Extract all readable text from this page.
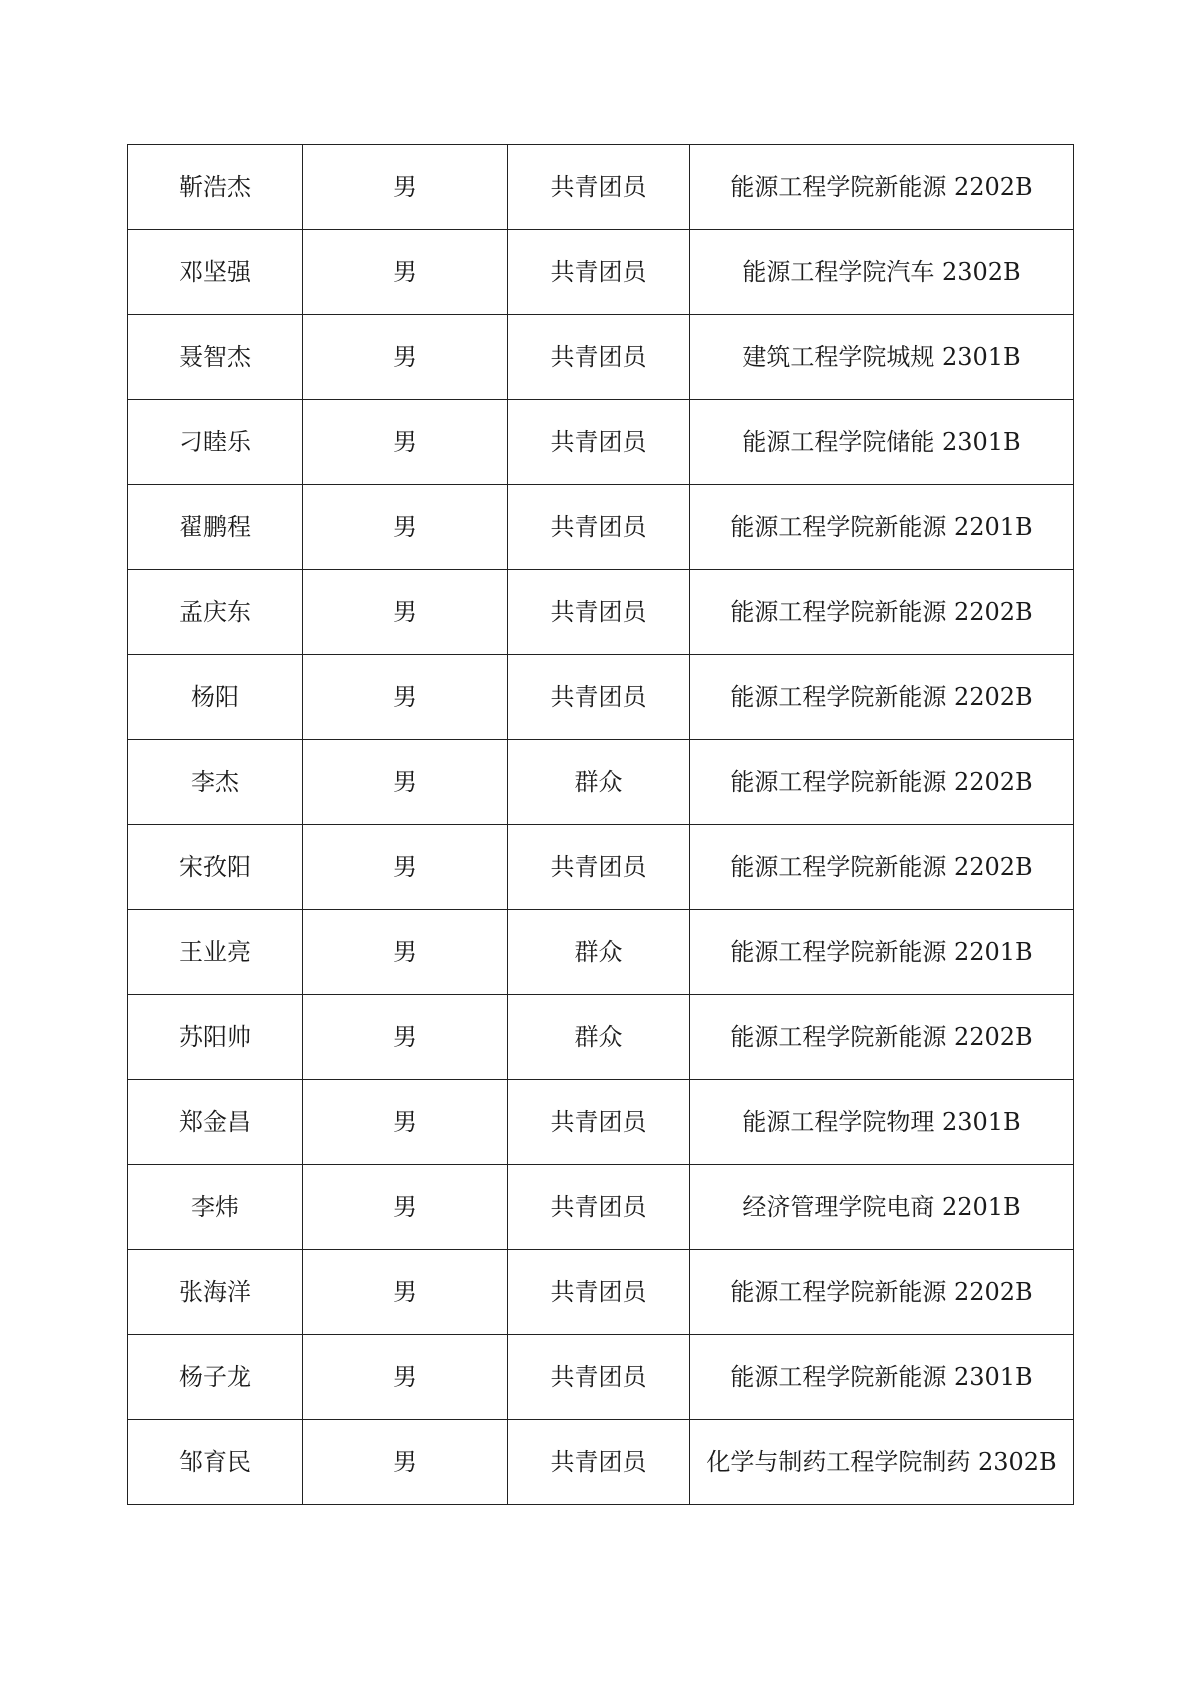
靳浩杰	男	共青团员	能源工程学院新能源 2202B
邓坚强	男	共青团员	能源工程学院汽车 2302B
聂智杰	男	共青团员	建筑工程学院城规 2301B
刁睦乐	男	共青团员	能源工程学院储能 2301B
翟鹏程	男	共青团员	能源工程学院新能源 2201B
孟庆东	男	共青团员	能源工程学院新能源 2202B
杨阳	男	共青团员	能源工程学院新能源 2202B
李杰	男	群众	能源工程学院新能源 2202B
宋孜阳	男	共青团员	能源工程学院新能源 2202B
王业亮	男	群众	能源工程学院新能源 2201B
苏阳帅	男	群众	能源工程学院新能源 2202B
郑金昌	男	共青团员	能源工程学院物理 2301B
李炜	男	共青团员	经济管理学院电商 2201B
张海洋	男	共青团员	能源工程学院新能源 2202B
杨子龙	男	共青团员	能源工程学院新能源 2301B
邹育民	男	共青团员	化学与制药工程学院制药 2302B
